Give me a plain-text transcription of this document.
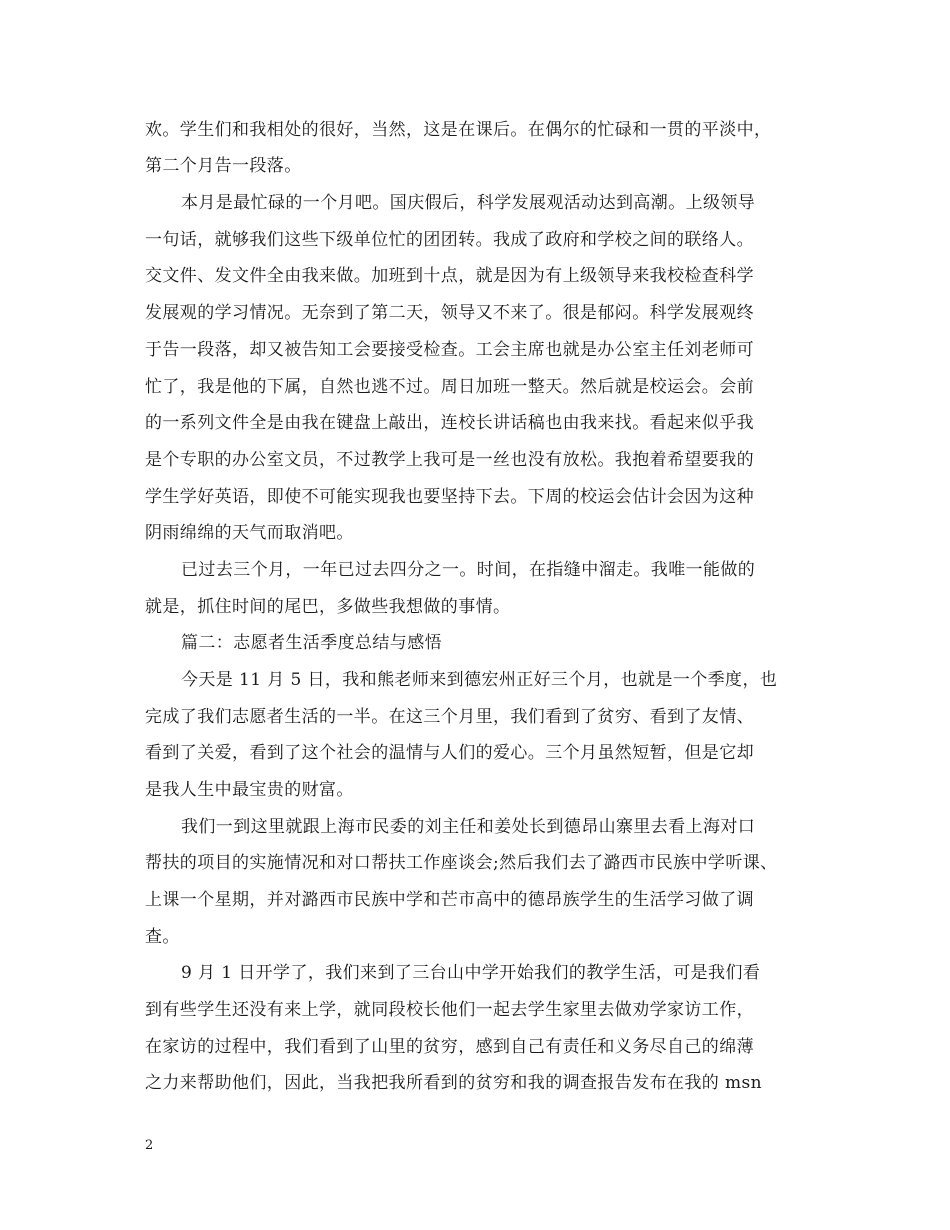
欢。学生们和我相处的很好，当然，这是在课后。在偶尔的忙碌和一贯的平淡中，
第二个月告一段落。
本月是最忙碌的一个月吧。国庆假后，科学发展观活动达到高潮。上级领导
一句话，就够我们这些下级单位忙的团团转。我成了政府和学校之间的联络人。
交文件、发文件全由我来做。加班到十点，就是因为有上级领导来我校检查科学
发展观的学习情况。无奈到了第二天，领导又不来了。很是郁闷。科学发展观终
于告一段落，却又被告知工会要接受检查。工会主席也就是办公室主任刘老师可
忙了，我是他的下属，自然也逃不过。周日加班一整天。然后就是校运会。会前
的一系列文件全是由我在键盘上敲出，连校长讲话稿也由我来找。看起来似乎我
是个专职的办公室文员，不过教学上我可是一丝也没有放松。我抱着希望要我的
学生学好英语，即使不可能实现我也要坚持下去。下周的校运会估计会因为这种
阴雨绵绵的天气而取消吧。
已过去三个月，一年已过去四分之一。时间，在指缝中溜走。我唯一能做的
就是，抓住时间的尾巴，多做些我想做的事情。
篇二：志愿者生活季度总结与感悟
今天是 11 月 5 日，我和熊老师来到德宏州正好三个月，也就是一个季度，也
完成了我们志愿者生活的一半。在这三个月里，我们看到了贫穷、看到了友情、
看到了关爱，看到了这个社会的温情与人们的爱心。三个月虽然短暂，但是它却
是我人生中最宝贵的财富。
我们一到这里就跟上海市民委的刘主任和姜处长到德昂山寨里去看上海对口
帮扶的项目的实施情况和对口帮扶工作座谈会;然后我们去了潞西市民族中学听课、
上课一个星期，并对潞西市民族中学和芒市高中的德昂族学生的生活学习做了调
查。
9 月 1 日开学了，我们来到了三台山中学开始我们的教学生活，可是我们看
到有些学生还没有来上学，就同段校长他们一起去学生家里去做劝学家访工作，
在家访的过程中，我们看到了山里的贫穷，感到自己有责任和义务尽自己的绵薄
之力来帮助他们，因此，当我把我所看到的贫穷和我的调查报告发布在我的 msn
2
